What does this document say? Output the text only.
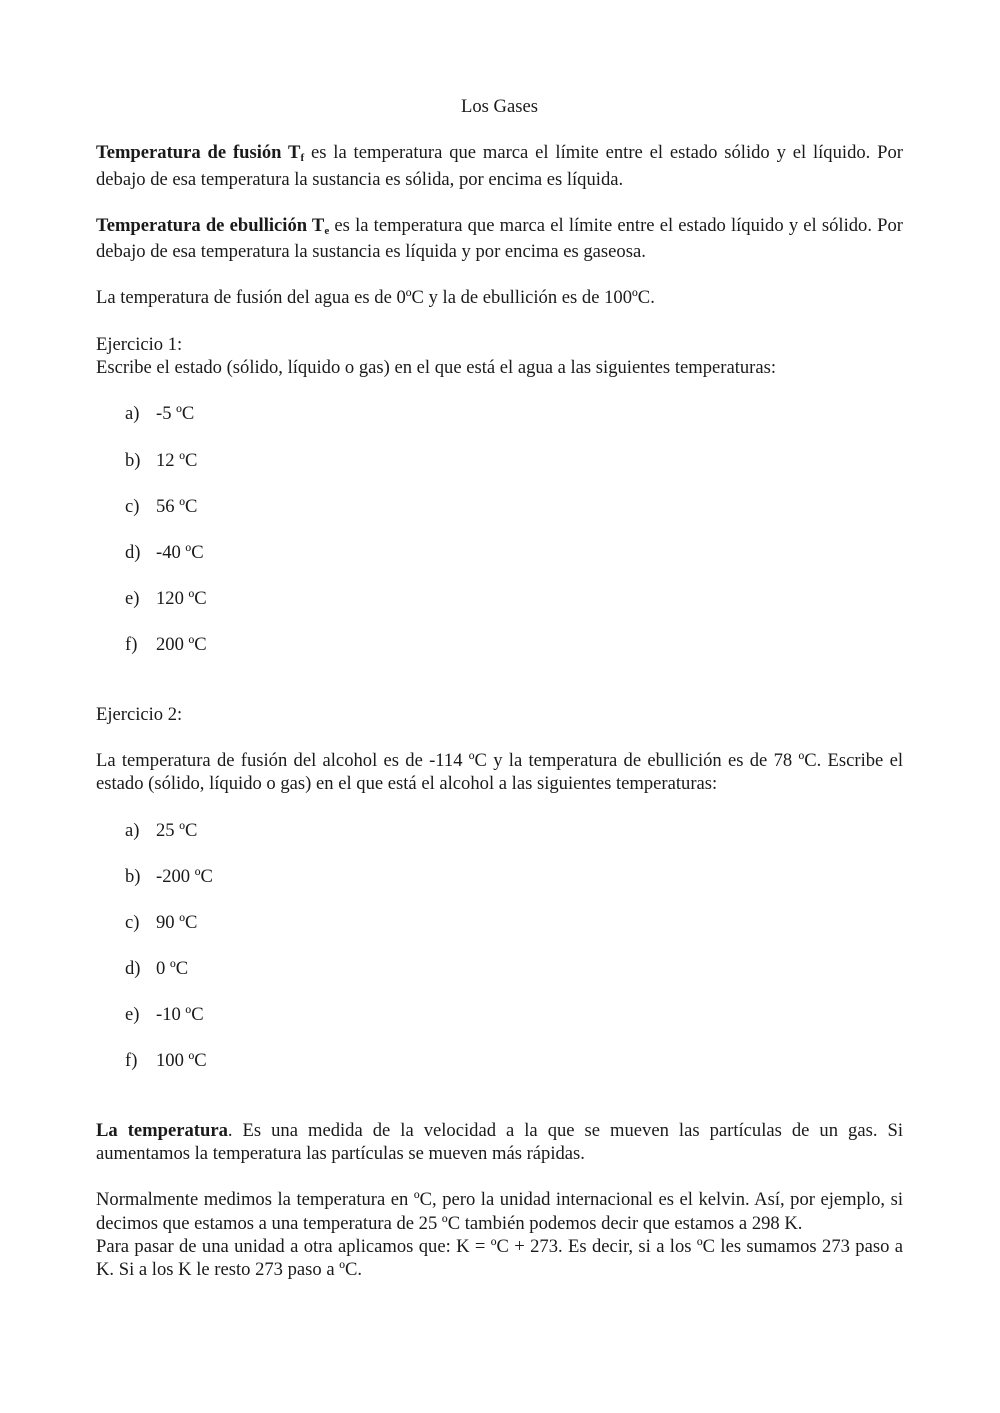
Los Gases

Temperatura de fusión Tf es la temperatura que marca el límite entre el estado sólido y el líquido. Por debajo de esa temperatura la sustancia es sólida, por encima es líquida.

Temperatura de ebullición Te es la temperatura que marca el límite entre el estado líquido y el sólido. Por debajo de esa temperatura la sustancia es líquida y por encima es gaseosa.

La temperatura de fusión del agua es de 0ºC y la de ebullición es de 100ºC.

Ejercicio 1:

Escribe el estado (sólido, líquido o gas) en el que está el agua a las siguientes temperaturas:

a) -5 ºC
b) 12 ºC
c) 56 ºC
d) -40 ºC
e) 120 ºC
f) 200 ºC

Ejercicio 2:

La temperatura de fusión del alcohol es de -114 ºC y la temperatura de ebullición es de 78 ºC. Escribe el estado (sólido, líquido o gas) en el que está el alcohol a las siguientes temperaturas:

a) 25 ºC
b) -200 ºC
c) 90 ºC
d) 0 ºC
e) -10 ºC
f) 100 ºC

La temperatura. Es una medida de la velocidad a la que se mueven las partículas de un gas. Si aumentamos la temperatura las partículas se mueven más rápidas.

Normalmente medimos la temperatura en ºC, pero la unidad internacional es el kelvin. Así, por ejemplo, si decimos que estamos a una temperatura de 25 ºC también podemos decir que estamos a 298 K.

Para pasar de una unidad a otra aplicamos que: K = ºC + 273. Es decir, si a los ºC les sumamos 273 paso a K. Si a los K le resto 273 paso a ºC.
